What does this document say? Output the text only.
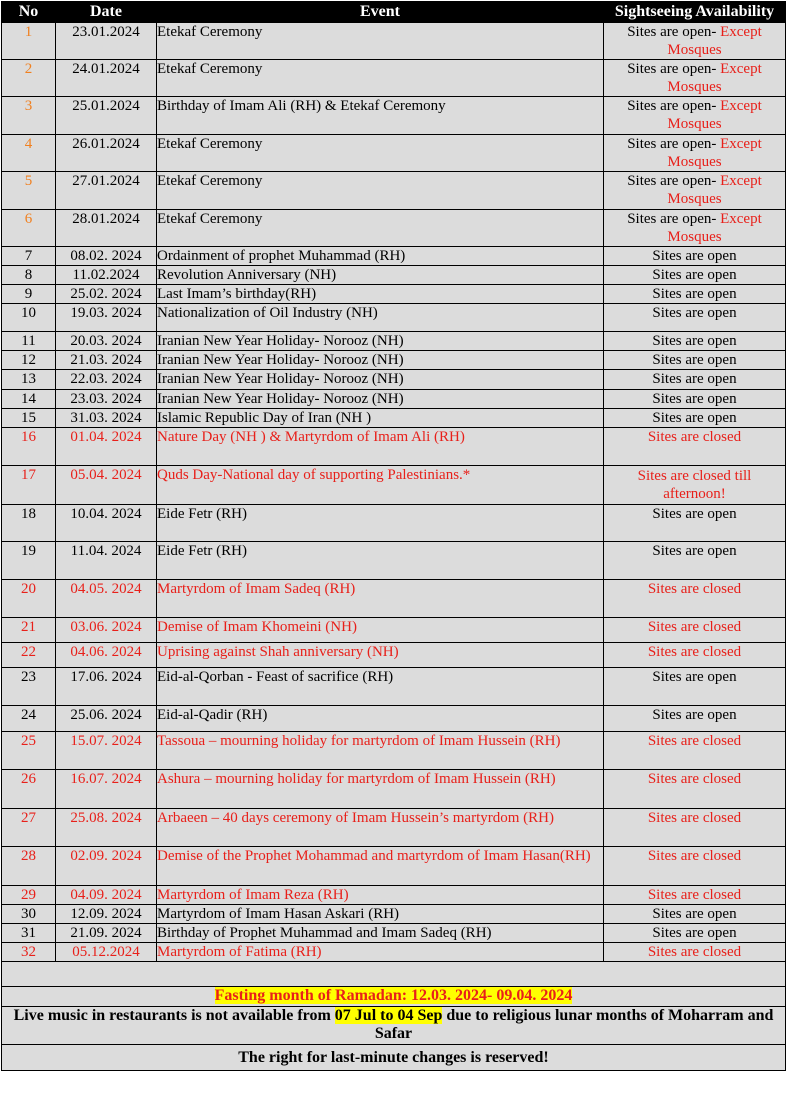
No	Date	Event	Sightseeing Availability
1	23.01.2024	Etekaf Ceremony	Sites are open- Except Mosques
2	24.01.2024	Etekaf Ceremony	Sites are open- Except Mosques
3	25.01.2024	Birthday of Imam Ali (RH) & Etekaf Ceremony	Sites are open- Except Mosques
4	26.01.2024	Etekaf Ceremony	Sites are open- Except Mosques
5	27.01.2024	Etekaf Ceremony	Sites are open- Except Mosques
6	28.01.2024	Etekaf Ceremony	Sites are open- Except Mosques
7	08.02. 2024	Ordainment of prophet Muhammad (RH)	Sites are open
8	11.02.2024	Revolution Anniversary (NH)	Sites are open
9	25.02. 2024	Last Imam’s birthday(RH)	Sites are open
10	19.03. 2024	Nationalization of Oil Industry (NH)	Sites are open
11	20.03. 2024	Iranian New Year Holiday- Norooz (NH)	Sites are open
12	21.03. 2024	Iranian New Year Holiday- Norooz (NH)	Sites are open
13	22.03. 2024	Iranian New Year Holiday- Norooz (NH)	Sites are open
14	23.03. 2024	Iranian New Year Holiday- Norooz (NH)	Sites are open
15	31.03. 2024	Islamic Republic Day of Iran (NH )	Sites are open
16	01.04. 2024	Nature Day (NH ) & Martyrdom of Imam Ali (RH)	Sites are closed
17	05.04. 2024	Quds Day-National day of supporting Palestinians.*	Sites are closed till afternoon!
18	10.04. 2024	Eide Fetr (RH)	Sites are open
19	11.04. 2024	Eide Fetr (RH)	Sites are open
20	04.05. 2024	Martyrdom of Imam Sadeq (RH)	Sites are closed
21	03.06. 2024	Demise of Imam Khomeini (NH)	Sites are closed
22	04.06. 2024	Uprising against Shah anniversary (NH)	Sites are closed
23	17.06. 2024	Eid-al-Qorban - Feast of sacrifice (RH)	Sites are open
24	25.06. 2024	Eid-al-Qadir (RH)	Sites are open
25	15.07. 2024	Tassoua – mourning holiday for martyrdom of Imam Hussein (RH)	Sites are closed
26	16.07. 2024	Ashura – mourning holiday for martyrdom of Imam Hussein (RH)	Sites are closed
27	25.08. 2024	Arbaeen – 40 days ceremony of Imam Hussein’s martyrdom (RH)	Sites are closed
28	02.09. 2024	Demise of the Prophet Mohammad and martyrdom of Imam Hasan(RH)	Sites are closed
29	04.09. 2024	Martyrdom of Imam Reza (RH)	Sites are closed
30	12.09. 2024	Martyrdom of Imam Hasan Askari (RH)	Sites are open
31	21.09. 2024	Birthday of Prophet Muhammad and Imam Sadeq (RH)	Sites are open
32	05.12.2024	Martyrdom of Fatima (RH)	Sites are closed

Fasting month of Ramadan: 12.03. 2024- 09.04. 2024			
Live music in restaurants is not available from 07 Jul to 04 Sep due to religious lunar months of Moharram and Safar			
The right for last-minute changes is reserved!			
